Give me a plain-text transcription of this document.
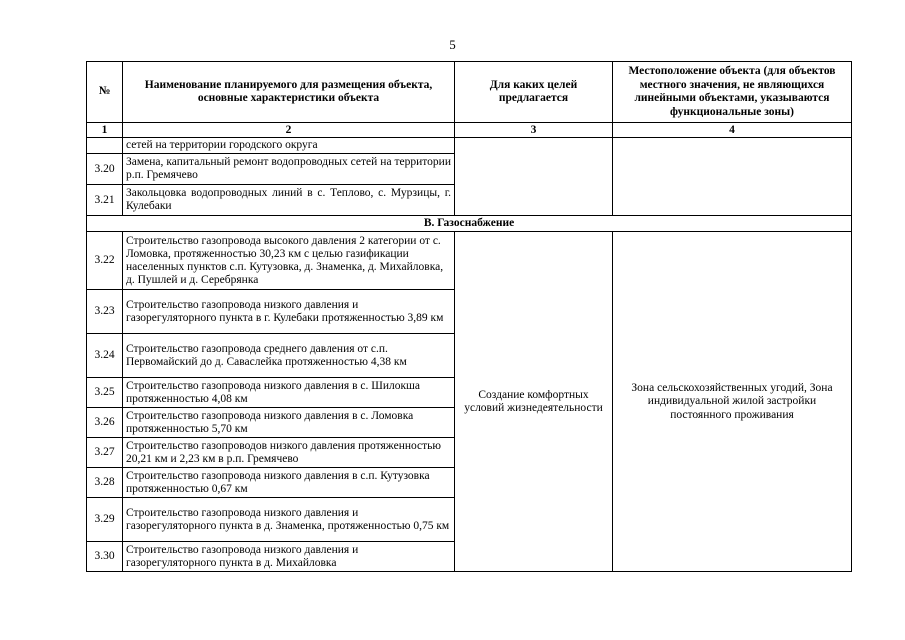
5
№	Наименование планируемого для размещения объекта, основные характеристики объекта	Для каких целей предлагается	Местоположение объекта (для объектов местного значения, не являющихся линейными объектами, указываются функциональные зоны)
1	2	3	4
	сетей на территории городского округа		
3.20	Замена, капитальный ремонт водопроводных сетей на территории р.п. Гремячево		
3.21	Закольцовка водопроводных линий в с. Теплово, с. Мурзицы, г. Кулебаки		
В. Газоснабжение			
3.22	Строительство газопровода высокого давления 2 категории от с. Ломовка, протяженностью 30,23 км с целью газификации населенных пунктов с.п. Кутузовка, д. Знаменка, д. Михайловка, д. Пушлей и д. Серебрянка	Создание комфортных условий жизнедеятельности	Зона сельскохозяйственных угодий, Зона индивидуальной жилой застройки постоянного проживания
3.23	Строительство газопровода низкого давления и газорегуляторного пункта в г. Кулебаки протяженностью 3,89 км		
3.24	Строительство газопровода среднего давления от с.п. Первомайский до д. Саваслейка протяженностью 4,38 км		
3.25	Строительство газопровода низкого давления в с. Шилокша протяженностью 4,08 км		
3.26	Строительство газопровода низкого давления в с. Ломовка протяженностью 5,70 км		
3.27	Строительство газопроводов низкого давления протяженностью 20,21 км и 2,23 км в р.п. Гремячево		
3.28	Строительство газопровода низкого давления в с.п. Кутузовка протяженностью 0,67 км		
3.29	Строительство газопровода низкого давления и газорегуляторного пункта в д. Знаменка, протяженностью 0,75 км		
3.30	Строительство газопровода низкого давления и газорегуляторного пункта в д. Михайловка		
